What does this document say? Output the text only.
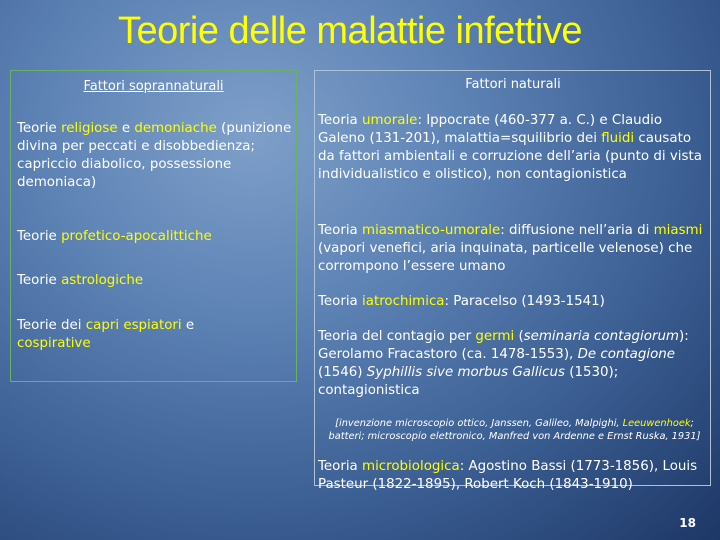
Teorie delle malattie infettive
Fattori soprannaturali	Fattori naturali
Teorie religiose e demoniache (punizione divina per peccati e disobbedienza; capriccio diabolico, possessione demoniaca)
Teorie profetico-apocalittiche
Teorie astrologiche
Teorie dei capri espiatori e cospirative
Teoria umorale: Ippocrate (460-377 a. C.) e Claudio Galeno (131-201), malattia=squilibrio dei fluidi causato da fattori ambientali e corruzione dell’aria (punto di vista individualistico e olistico), non contagionistica
Teoria miasmatico-umorale: diffusione nell’aria di miasmi (vapori venefici, aria inquinata, particelle velenose) che corrompono l’essere umano
Teoria iatrochimica: Paracelso (1493-1541)
Teoria del contagio per germi (seminaria contagiorum): Gerolamo Fracastoro (ca. 1478-1553), De contagione (1546) Syphillis sive morbus Gallicus (1530); contagionistica
[invenzione microscopio ottico, Janssen, Galileo, Malpighi, Leeuwenhoek; batteri; microscopio elettronico, Manfred von Ardenne e Ernst Ruska, 1931]
Teoria microbiologica: Agostino Bassi (1773-1856), Louis Pasteur (1822-1895), Robert Koch (1843-1910)
18
